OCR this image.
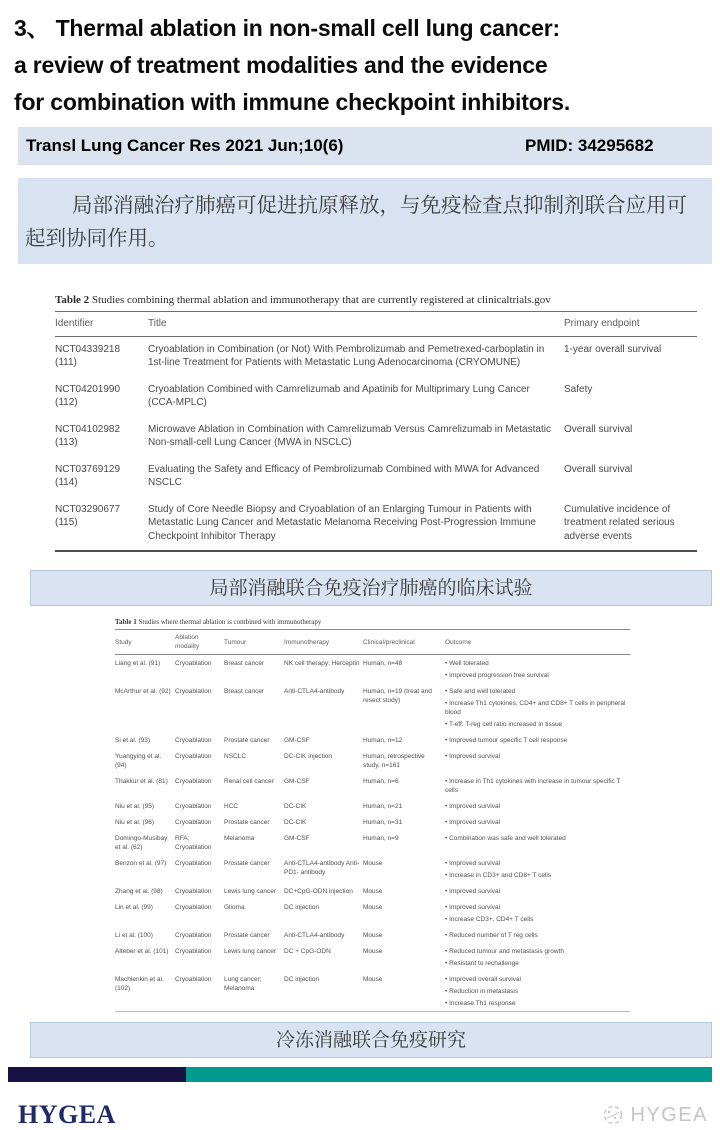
3、 Thermal ablation in non-small cell lung cancer:
a review of treatment modalities and the evidence
for combination with immune checkpoint inhibitors.
Transl Lung Cancer Res 2021 Jun;10(6)	PMID: 34295682
局部消融治疗肺癌可促进抗原释放，与免疫检查点抑制剂联合应用可起到协同作用。
Table 2 Studies combining thermal ablation and immunotherapy that are currently registered at clinicaltrials.gov
Identifier	Title	Primary endpoint
NCT04339218 (111)	Cryoablation in Combination (or Not) With Pembrolizumab and Pemetrexed-carboplatin in 1st-line Treatment for Patients with Metastatic Lung Adenocarcinoma (CRYOMUNE)	1-year overall survival
NCT04201990 (112)	Cryoablation Combined with Camrelizumab and Apatinib for Multiprimary Lung Cancer (CCA-MPLC)	Safety
NCT04102982 (113)	Microwave Ablation in Combination with Camrelizumab Versus Camrelizumab in Metastatic Non-small-cell Lung Cancer (MWA in NSCLC)	Overall survival
NCT03769129 (114)	Evaluating the Safety and Efficacy of Pembrolizumab Combined with MWA for Advanced NSCLC	Overall survival
NCT03290677 (115)	Study of Core Needle Biopsy and Cryoablation of an Enlarging Tumour in Patients with Metastatic Lung Cancer and Metastatic Melanoma Receiving Post-Progression Immune Checkpoint Inhibitor Therapy	Cumulative incidence of treatment related serious adverse events
局部消融联合免疫治疗肺癌的临床试验
Table 1 Studies where thermal ablation is combined with immunotherapy
Study	Ablation modality	Tumour	Immunotherapy	Clinical/preclinical	Outcome
Liang et al. (91)	Cryoablation	Breast cancer	NK cell therapy; Herceptin	Human, n=48	• Well tolerated
• Improved progression free survival

McArthur et al. (92)	Cryoablation	Breast cancer	Anti-CTLA4-antibody	Human, n=19 (treat and resect study)	• Safe and well tolerated
• Increase Th1 cytokines, CD4+ and CD8+ T cells in peripheral blood
• T-eff: T-reg cell ratio increased in tissue

Si et al. (93)	Cryoablation	Prostate cancer	GM-CSF	Human, n=12	• Improved tumour specific T cell response

Yuangying et al. (94)	Cryoablation	NSCLC	DC-CIK injection	Human, retrospective study, n=161	• Improved survival

Thakkur et al. (81)	Cryoablation	Renal cell cancer	GM-CSF	Human, n=6	• Increase in Th1 cytokines with increase in tumour specific T cells

Niu et al. (95)	Cryoablation	HCC	DC-CIK	Human, n=21	• Improved survival

Niu et al. (96)	Cryoablation	Prostate cancer	DC-CIK	Human, n=31	• Improved survival

Domingo-Musibay et al. (62)	RFA; Cryoablation	Melanoma	GM-CSF	Human, n=9	• Combination was safe and well tolerated

Benzon et al. (97)	Cryoablation	Prostate cancer	Anti-CTLA4-antibody Anti-PD1- antibody	Mouse	• Improved survival
• Increase in CD3+ and CD8+ T cells

Zhang et al. (98)	Cryoablation	Lewis lung cancer	DC+CpG-ODN injection	Mouse	• Improved survival

Lin et al. (99)	Cryoablation	Glioma	DC injection	Mouse	• Improved survival
• Increase CD3+, CD4+ T cells

Li et al. (100)	Cryoablation	Prostate cancer	Anti-CTLA4-antibody	Mouse	• Reduced number of T reg cells

Alteber et al. (101)	Cryoablation	Lewis lung cancer	DC + CpG-ODN	Mouse	• Reduced tumour and metastasis growth
• Resistant to rechallenge

Machlenkin et al. (102)	Cryoablation	Lung cancer; Melanoma	DC injection	Mouse	• Improved overall survival
• Reduction in metastasis
• Increase Th1 response
冷冻消融联合免疫研究
HYGEA	HYGEA
